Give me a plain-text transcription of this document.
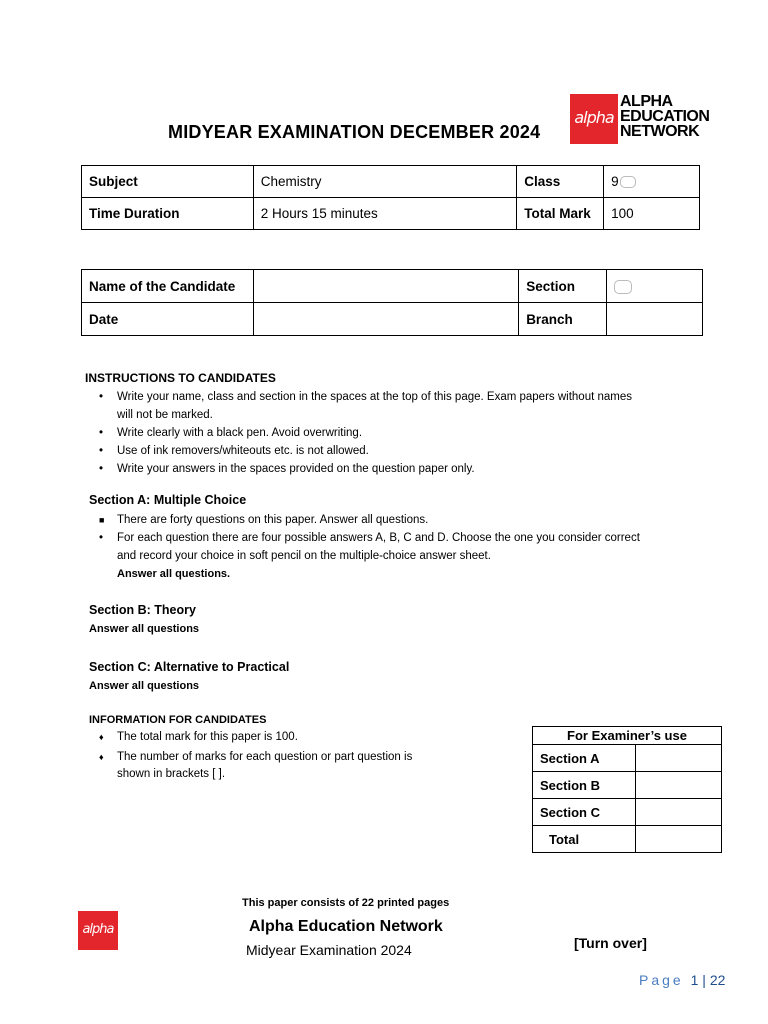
alpha
ALPHA
EDUCATION
NETWORK
MIDYEAR EXAMINATION DECEMBER 2024
Subject	Chemistry	Class	9
Time Duration	2 Hours 15 minutes	Total Mark	100
Name of the Candidate		Section	
Date		Branch	
INSTRUCTIONS TO CANDIDATES
• Write your name, class and section in the spaces at the top of this page. Exam papers without names will not be marked.
• Write clearly with a black pen. Avoid overwriting.
• Use of ink removers/whiteouts etc. is not allowed.
• Write your answers in the spaces provided on the question paper only.
Section A: Multiple Choice
■ There are forty questions on this paper. Answer all questions.
• For each question there are four possible answers A, B, C and D. Choose the one you consider correct and record your choice in soft pencil on the multiple-choice answer sheet.
Answer all questions.
Section B: Theory
Answer all questions
Section C: Alternative to Practical
Answer all questions
INFORMATION FOR CANDIDATES
♦ The total mark for this paper is 100.
♦ The number of marks for each question or part question is shown in brackets [ ].
For Examiner’s use	
Section A	
Section B	
Section C	
Total	
This paper consists of 22 printed pages
alpha	Alpha Education Network
Midyear Examination 2024	[Turn over]
Page 1 | 22
